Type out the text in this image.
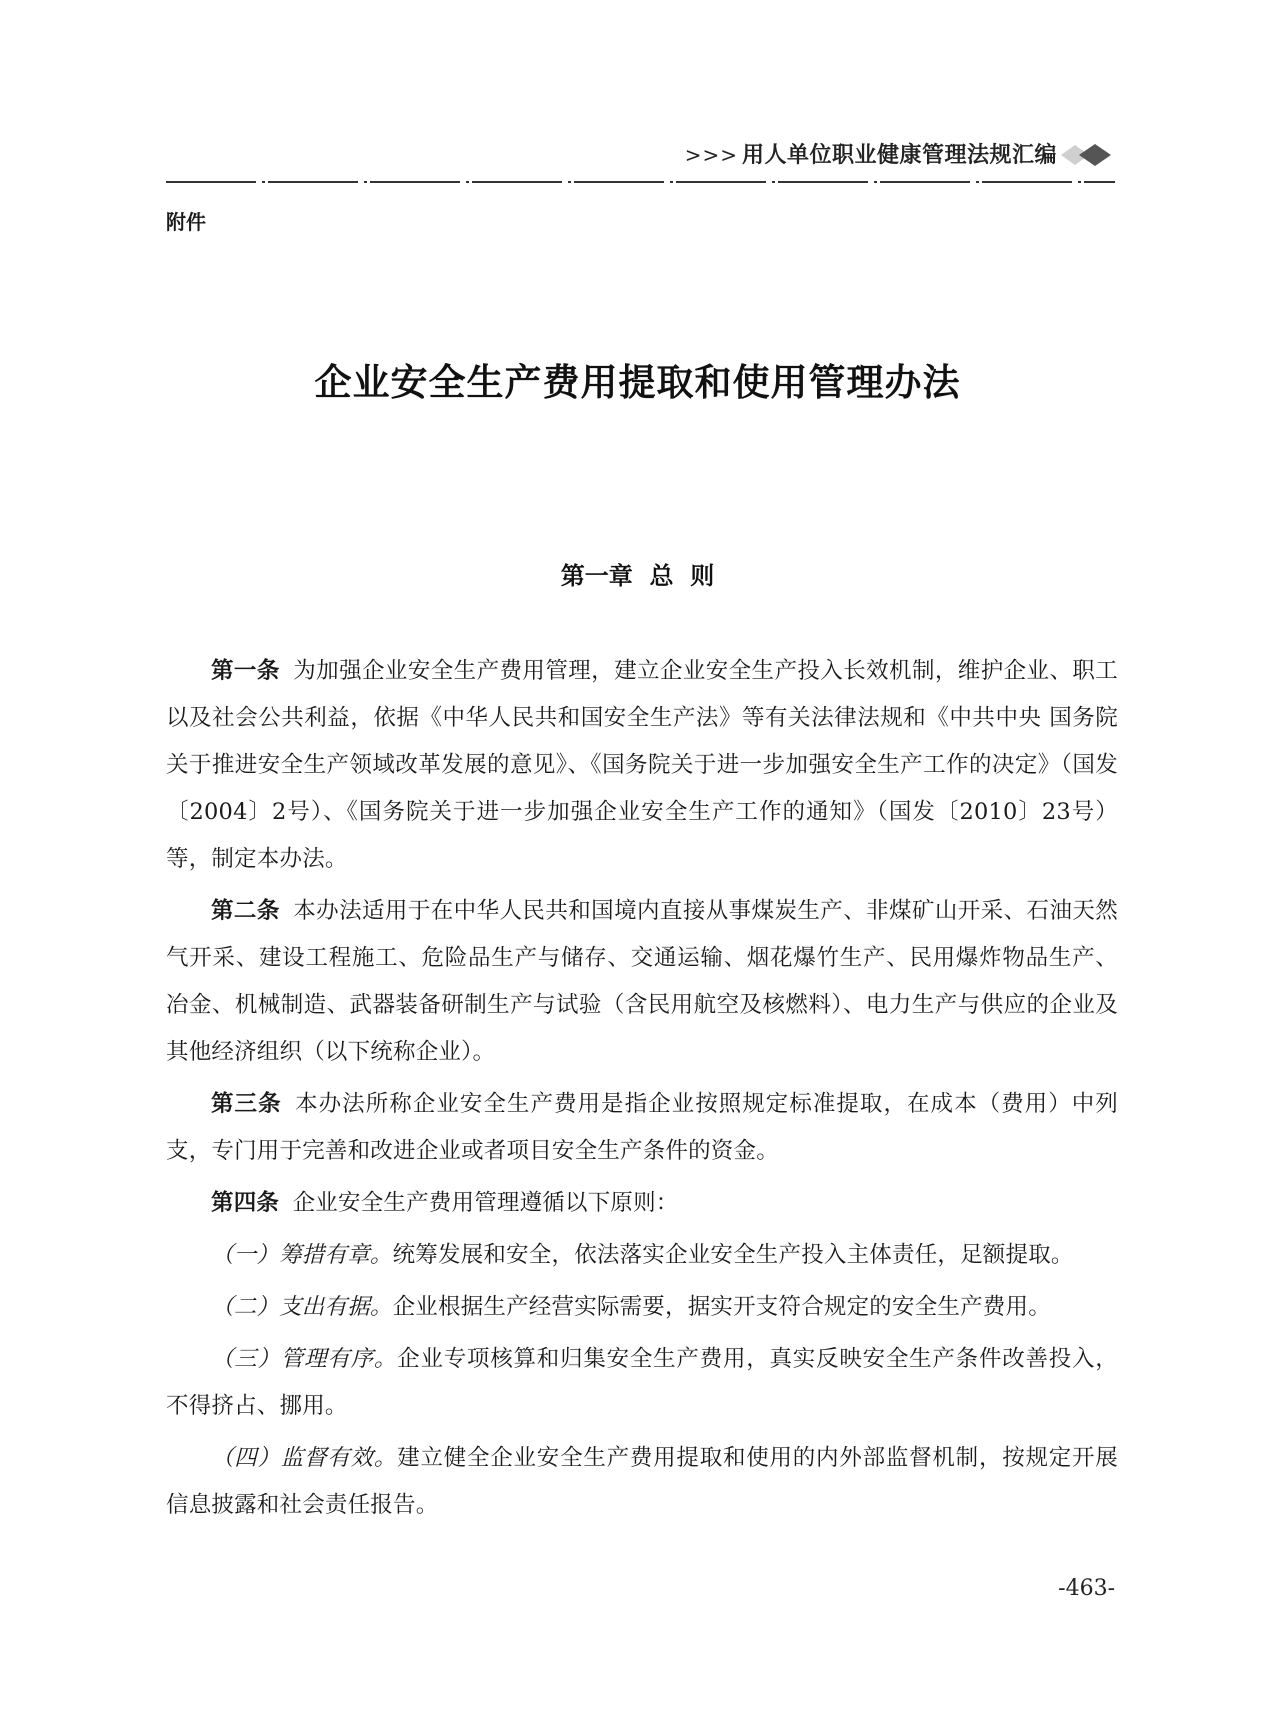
>>> 用人单位职业健康管理法规汇编
附件
企业安全生产费用提取和使用管理办法
第一章  总  则

第一条 为加强企业安全生产费用管理，建立企业安全生产投入长效机制，维护企业、职工以及社会公共利益，依据《中华人民共和国安全生产法》等有关法律法规和《中共中央 国务院关于推进安全生产领域改革发展的意见》、《国务院关于进一步加强安全生产工作的决定》（国发〔2004〕2号）、《国务院关于进一步加强企业安全生产工作的通知》（国发〔2010〕23号）等，制定本办法。

第二条 本办法适用于在中华人民共和国境内直接从事煤炭生产、非煤矿山开采、石油天然气开采、建设工程施工、危险品生产与储存、交通运输、烟花爆竹生产、民用爆炸物品生产、冶金、机械制造、武器装备研制生产与试验（含民用航空及核燃料）、电力生产与供应的企业及其他经济组织（以下统称企业）。

第三条 本办法所称企业安全生产费用是指企业按照规定标准提取，在成本（费用）中列支，专门用于完善和改进企业或者项目安全生产条件的资金。

第四条 企业安全生产费用管理遵循以下原则：

（一）筹措有章。统筹发展和安全，依法落实企业安全生产投入主体责任，足额提取。

（二）支出有据。企业根据生产经营实际需要，据实开支符合规定的安全生产费用。

（三）管理有序。企业专项核算和归集安全生产费用，真实反映安全生产条件改善投入，不得挤占、挪用。

（四）监督有效。建立健全企业安全生产费用提取和使用的内外部监督机制，按规定开展信息披露和社会责任报告。

-463-
